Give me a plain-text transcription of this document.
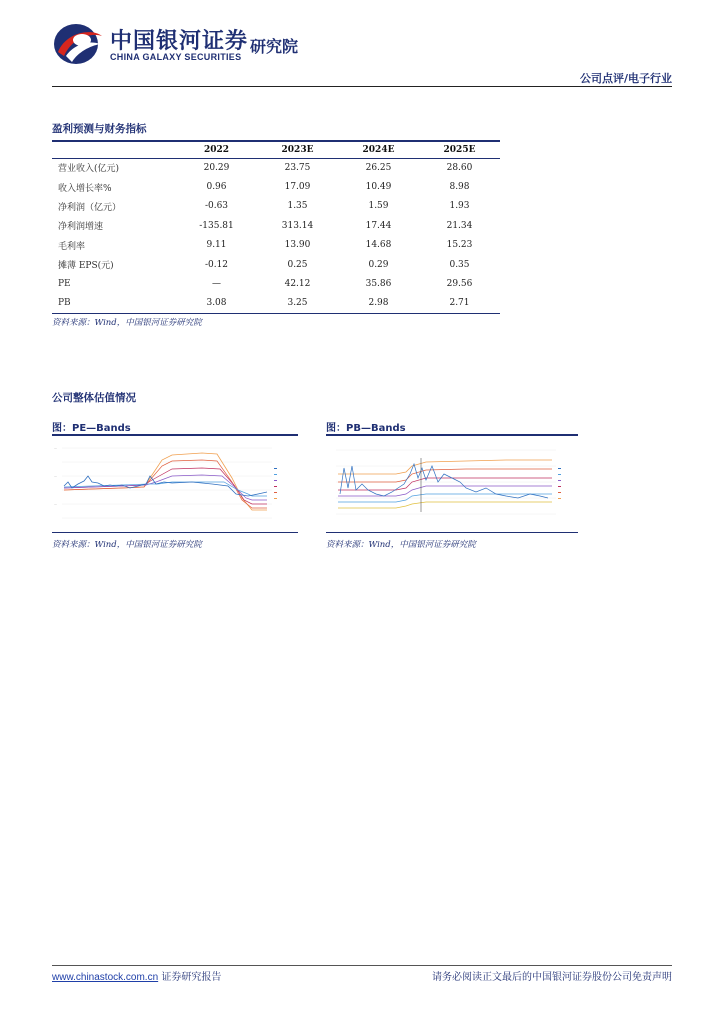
中国银河证券
CHINA GALAXY SECURITIES
研究院
公司点评/电子行业
盈利预测与财务指标
	2022	2023E	2024E	2025E
营业收入(亿元)	20.29	23.75	26.25	28.60
收入增长率%	0.96	17.09	10.49	8.98
净利润（亿元）	-0.63	1.35	1.59	1.93
净利润增速	-135.81	313.14	17.44	21.34
毛利率	9.11	13.90	14.68	15.23
摊薄 EPS(元)	-0.12	0.25	0.29	0.35
PE	—	42.12	35.86	29.56
PB	3.08	3.25	2.98	2.71
资料来源：Wind，中国银河证券研究院
公司整体估值情况
图：PE—Bands
—
—
—
资料来源：Wind，中国银河证券研究院
图：PB—Bands
资料来源：Wind，中国银河证券研究院
www.chinastock.com.cn 证券研究报告	请务必阅读正文最后的中国银河证券股份公司免责声明
